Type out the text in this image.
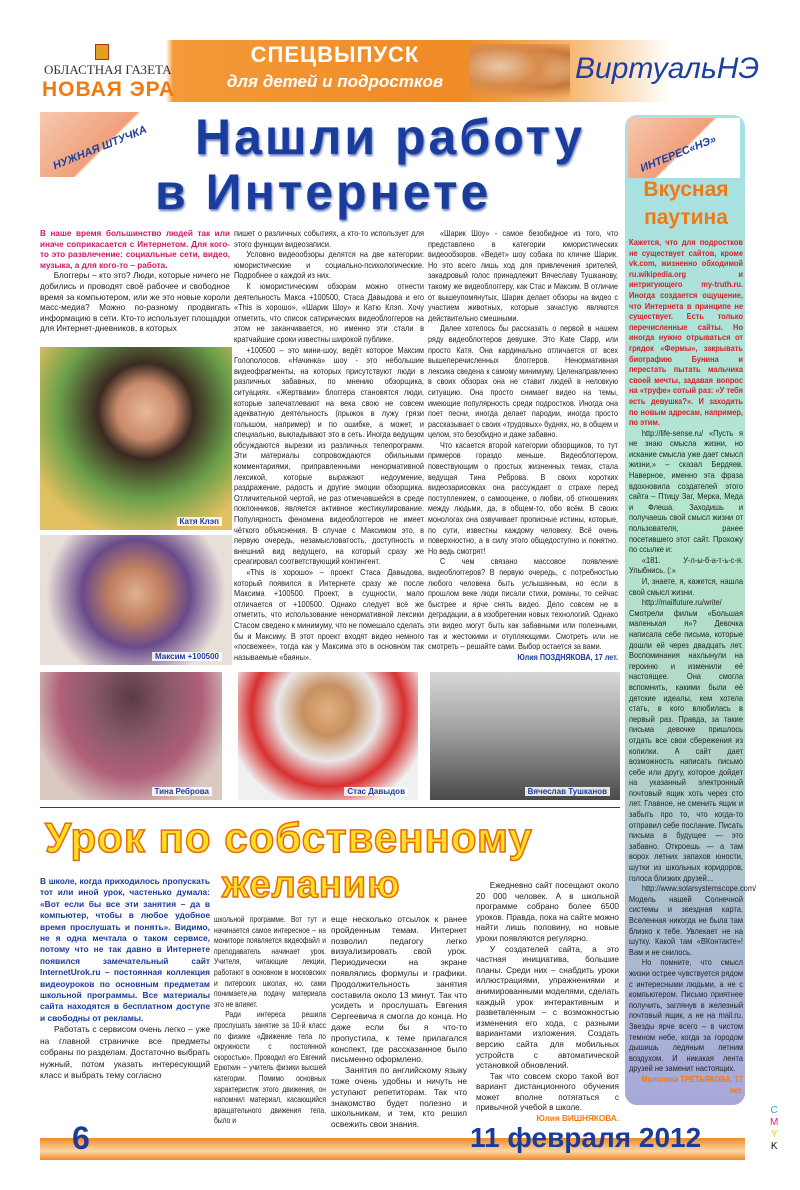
ОБЛАСТНАЯ ГАЗЕТА
НОВАЯ ЭРА
СПЕЦВЫПУСК
для детей и подростков	ВиртуальНЭ
НУЖНАЯ ШТУЧКА Нашли работу
в Интернете

В наше время большинство людей так или иначе соприкасается с Интернетом. Для кого-то это развлечение: социальные сети, видео, музыка, а для кого-то – работа.

Блоггеры – кто это? Люди, которые ничего не добились и проводят своё рабочее и свободное время за компьютером, или же это новые короли масс-медиа? Можно по-разному продвигать информацию в сети. Кто-то использует площадки для Интернет-дневников, в которых

пишет о различных событиях, а кто-то использует для этого функции видеозаписи.

Условно видеообзоры делятся на две категории: юмористические и социально-психологические. Подробнее о каждой из них.

К юмористическим обзорам можно отнести деятельность Макса +100500, Стаса Давыдова и его «This is хорошо», «Шарик Шоу» и Катю Клэп. Хочу отметить, что список сатирических видеоблоггеров на этом не заканчивается, но именно эти стали в кратчайшие сроки известны широкой публике.

+100500 – это мини-шоу, ведёт которое Максим Голополосов. «Начинка» шоу - это небольшие видеофрагменты, на которых присутствуют люди в различных забавных, по мнению обзорщика, ситуациях. «Жертвами» блоггера становятся люди, которые запечатлевают на века свою не совсем адекватную деятельность (прыжок в лужу грязи голышом, например) и по ошибке, а может, и специально, выкладывают это в сеть. Иногда ведущим обсуждаются вырезки из различных телепрограмм. Эти материалы сопровождаются обильными комментариями, приправленными ненормативной лексикой, которые выражают недоумение, раздражение, радость и другие эмоции обзорщика. Отличительной чертой, не раз отмечавшейся в среде поклонников, является активное жестикулирование. Популярность феномена видеоблоггеров не имеет чёткого объяснения. В случае с Максимом это, в первую очередь, незамысловатость, доступность и внешний вид ведущего, на который сразу же среагировал соответствующий контингент.

«This is хорошо» – проект Стаса Давыдова, который появился в Интернете сразу же после Максима +100500. Проект, в сущности, мало отличается от +100500. Однако следует всё же отметить, что использование ненормативной лексики Стасом сведено к минимуму, что не помешало сделать бы и Максиму. В этот проект входят видео немного «посвежее», тогда как у Максима это в основном так называемые «баяны».

«Шарик Шоу» - самое безобидное из того, что представлено в категории юмористических видеообзоров. «Ведет» шоу собака по кличке Шарик. Но это всего лишь ход для привлечения зрителей, закадровый голос принадлежит Вячеславу Тушканову, такому же видеоблоггеру, как Стас и Максим. В отличие от вышеупомянутых, Шарик делает обзоры на видео с участием животных, которые зачастую являются действительно смешными.

Далее хотелось бы рассказать о первой в нашем ряду видеоблоггеров девушке. Это Kate Clapp, или просто Катя. Она кардинально отличается от всех вышеперечисленных блоггеров. Ненормативная лексика сведена к самому минимуму. Целенаправленно в своих обзорах она не ставит людей в неловкую ситуацию. Она просто снимает видео на темы, имеющие популярность среди подростков. Иногда она поет песни, иногда делает пародии, иногда просто рассказывает о своих «трудовых» буднях, но, в общем и целом, это безобидно и даже забавно.

Что касается второй категории обзорщиков, то тут примеров гораздо меньше. Видеоблоггером, повествующим о простых жизненных темах, стала ведущая Тина Реброва. В своих коротких видеозарисовках она рассуждает о страхе перед поступлением, о самооценке, о любви, об отношениях между людьми, да, в общем-то, обо всём. В своих монологах она озвучивает прописные истины, которые, по сути, известны каждому человеку. Всё очень поверхностно, а в силу этого общедоступно и понятно. Но ведь смотрят!

С чем связано массовое появление видеоблоггеров? В первую очередь, с потребностью любого человека быть услышанным, но если в прошлом веке люди писали стихи, романы, то сейчас быстрее и ярче снять видео. Дело совсем не в деградации, а в изобретении новых технологий. Однако эти видео могут быть как забавными или полезными, так и жестокими и отупляющими. Смотреть или не смотреть – решайте сами. Выбор остается за вами.

Юлия ПОЗДНЯКОВА, 17 лет.

Катя Клэп
Максим +100500
Тина Реброва	Стас Давыдов	Вячеслав Тушканов
ИНТЕРЕС«НЭ»
Вкусная
паутина

Кажется, что для подростков не существует сайтов, кроме vk.com, жизненно обходимой ru.wikipedia.org и интригующего my-truth.ru. Иногда создается ощущение, что Интернета в принципе не существует. Есть только перечисленные сайты. Но иногда нужно отрываться от грядок «Фермы», закрывать биографию Бунина и перестать пытать мальчика своей мечты, задавая вопрос на «труфе» сотый раз: «У тебя есть девушка?». И заходить по новым адресам, например, по этим.

http://life-sense.ru/ «Пусть я не знаю смысла жизни, но искание смысла уже дает смысл жизни,» – сказал Бердяев. Наверное, именно эта фраза вдохновила создателей этого сайта – Птицу Заг, Мерка, Меда и Флеша. Заходишь и получаешь свой смысл жизни от пользователя, ранее посетившего этот сайт. Прохожу по ссылке и:

«181. У-л-ы-б-а-т-ь-с-я. Улыбнись. (:»

И, знаете, я, кажется, нашла свой смысл жизни.

http://mailfuture.ru/write/ Смотрели фильм «Большая маленькая я»? Девочка написала себе письма, которые дошли ей через двадцать лет. Воспоминания нахлынули на героиню и изменили её настоящее. Она смогла вспомнить, какими были её детские идеалы, кем хотела стать, в кого влюбилась в первый раз. Правда, за такие письма девочке пришлось отдать все свои сбережения из копилки. А сайт дает возможность написать письмо себе или другу, которое дойдет на указанный электронный почтовый ящик хоть через сто лет. Главное, не сменить ящик и забыть про то, что когда-то отправил себе послание. Писать письма в будущее — это забавно. Откроешь — а там ворох летних запахов юности, шутки из школьных коридоров, голоса близких друзей...

http://www.solarsystemscope.com/Модель нашей Солнечной системы и звездная карта. Вселенная никогда не была там близко к тебе. Увлекает не на шутку. Какой там «ВКонтакте»! Вам и не снилось.

Но помните, что смысл жизни острее чувствуется рядом с интересными людьми, а не с компьютером. Письмо приятнее получить, заглянув в железный почтовый ящик, а не на mail.ru. Звезды ярче всего – в чистом темном небе, когда за городом дышишь ледяным летним воздухом. И никакая лента друзей не заменит настоящих.

Милолика ТРЕТЬЯКОВА, 17 лет.

Урок по собственному
желанию

В школе, когда приходилось пропускать тот или иной урок, частенько думала: «Вот если бы все эти занятия – да в компьютер, чтобы в любое удобное время прослушать и понять». Видимо, не я одна мечтала о таком сервисе, потому что не так давно в Интернете появился замечательный сайт InternetUrok.ru – постоянная коллекция видеоуроков по основным предметам школьной программы. Все материалы сайта находятся в бесплатном доступе и свободны от рекламы.

Работать с сервисом очень легко – уже на главной страничке все предметы собраны по разделам. Достаточно выбрать нужный, потом указать интересующий класс и выбрать тему согласно

школьной программе. Вот тут и начинается самое интересное – на мониторе появляется видеофайл и преподаватель начинает урок. Учителя, читающие лекции, работают в основном в московских и питерских школах, но, сами понимаете,на подачу материала это не влияет.

Ради интереса решила прослушать занятие за 10-й класс по физике «Движение тела по окружности с постоянной скоростью». Проводил его Евгений Ерюткин – учитель физики высшей категории. Помимо основных характеристик этого движения, он напомнил материал, касающийся вращательного движения тела, было и

еще несколько отсылок к ранее пройденным темам. Интернет позволил педагогу легко визуализировать свой урок. Периодически на экране появлялись формулы и графики. Продолжительность занятия составила около 13 минут. Так что усидеть и прослушать Евгения Сергеевича я смогла до конца. Но даже если бы я что-то пропустила, к теме прилагался конспект, где рассказанное было письменно оформлено.

Занятия по английскому языку тоже очень удобны и ничуть не уступают репетиторам. Так что знакомство будет полезно и школьникам, и тем, кто решил освежить свои знания.

Ежедневно сайт посещают около 20 000 человек. А в школьной программе собрано более 6500 уроков. Правда, пока на сайте можно найти лишь половину, но новые уроки появляются регулярно.

У создателей сайта, а это частная инициатива, большие планы. Среди них – снабдить уроки иллюстрациями, упражнениями и анимированными моделями, сделать каждый урок интерактивным и разветвленным – с возможностью изменения его хода, с разными вариантами изложения. Создать версию сайта для мобильных устройств с автоматической установкой обновлений.

Так что совсем скоро такой вот вариант дистанционного обучения может вполне потягаться с привычной учебой в школе.

Юлия ВИШНЯКОВА.

6	11 февраля 2012
C
M
Y
K
